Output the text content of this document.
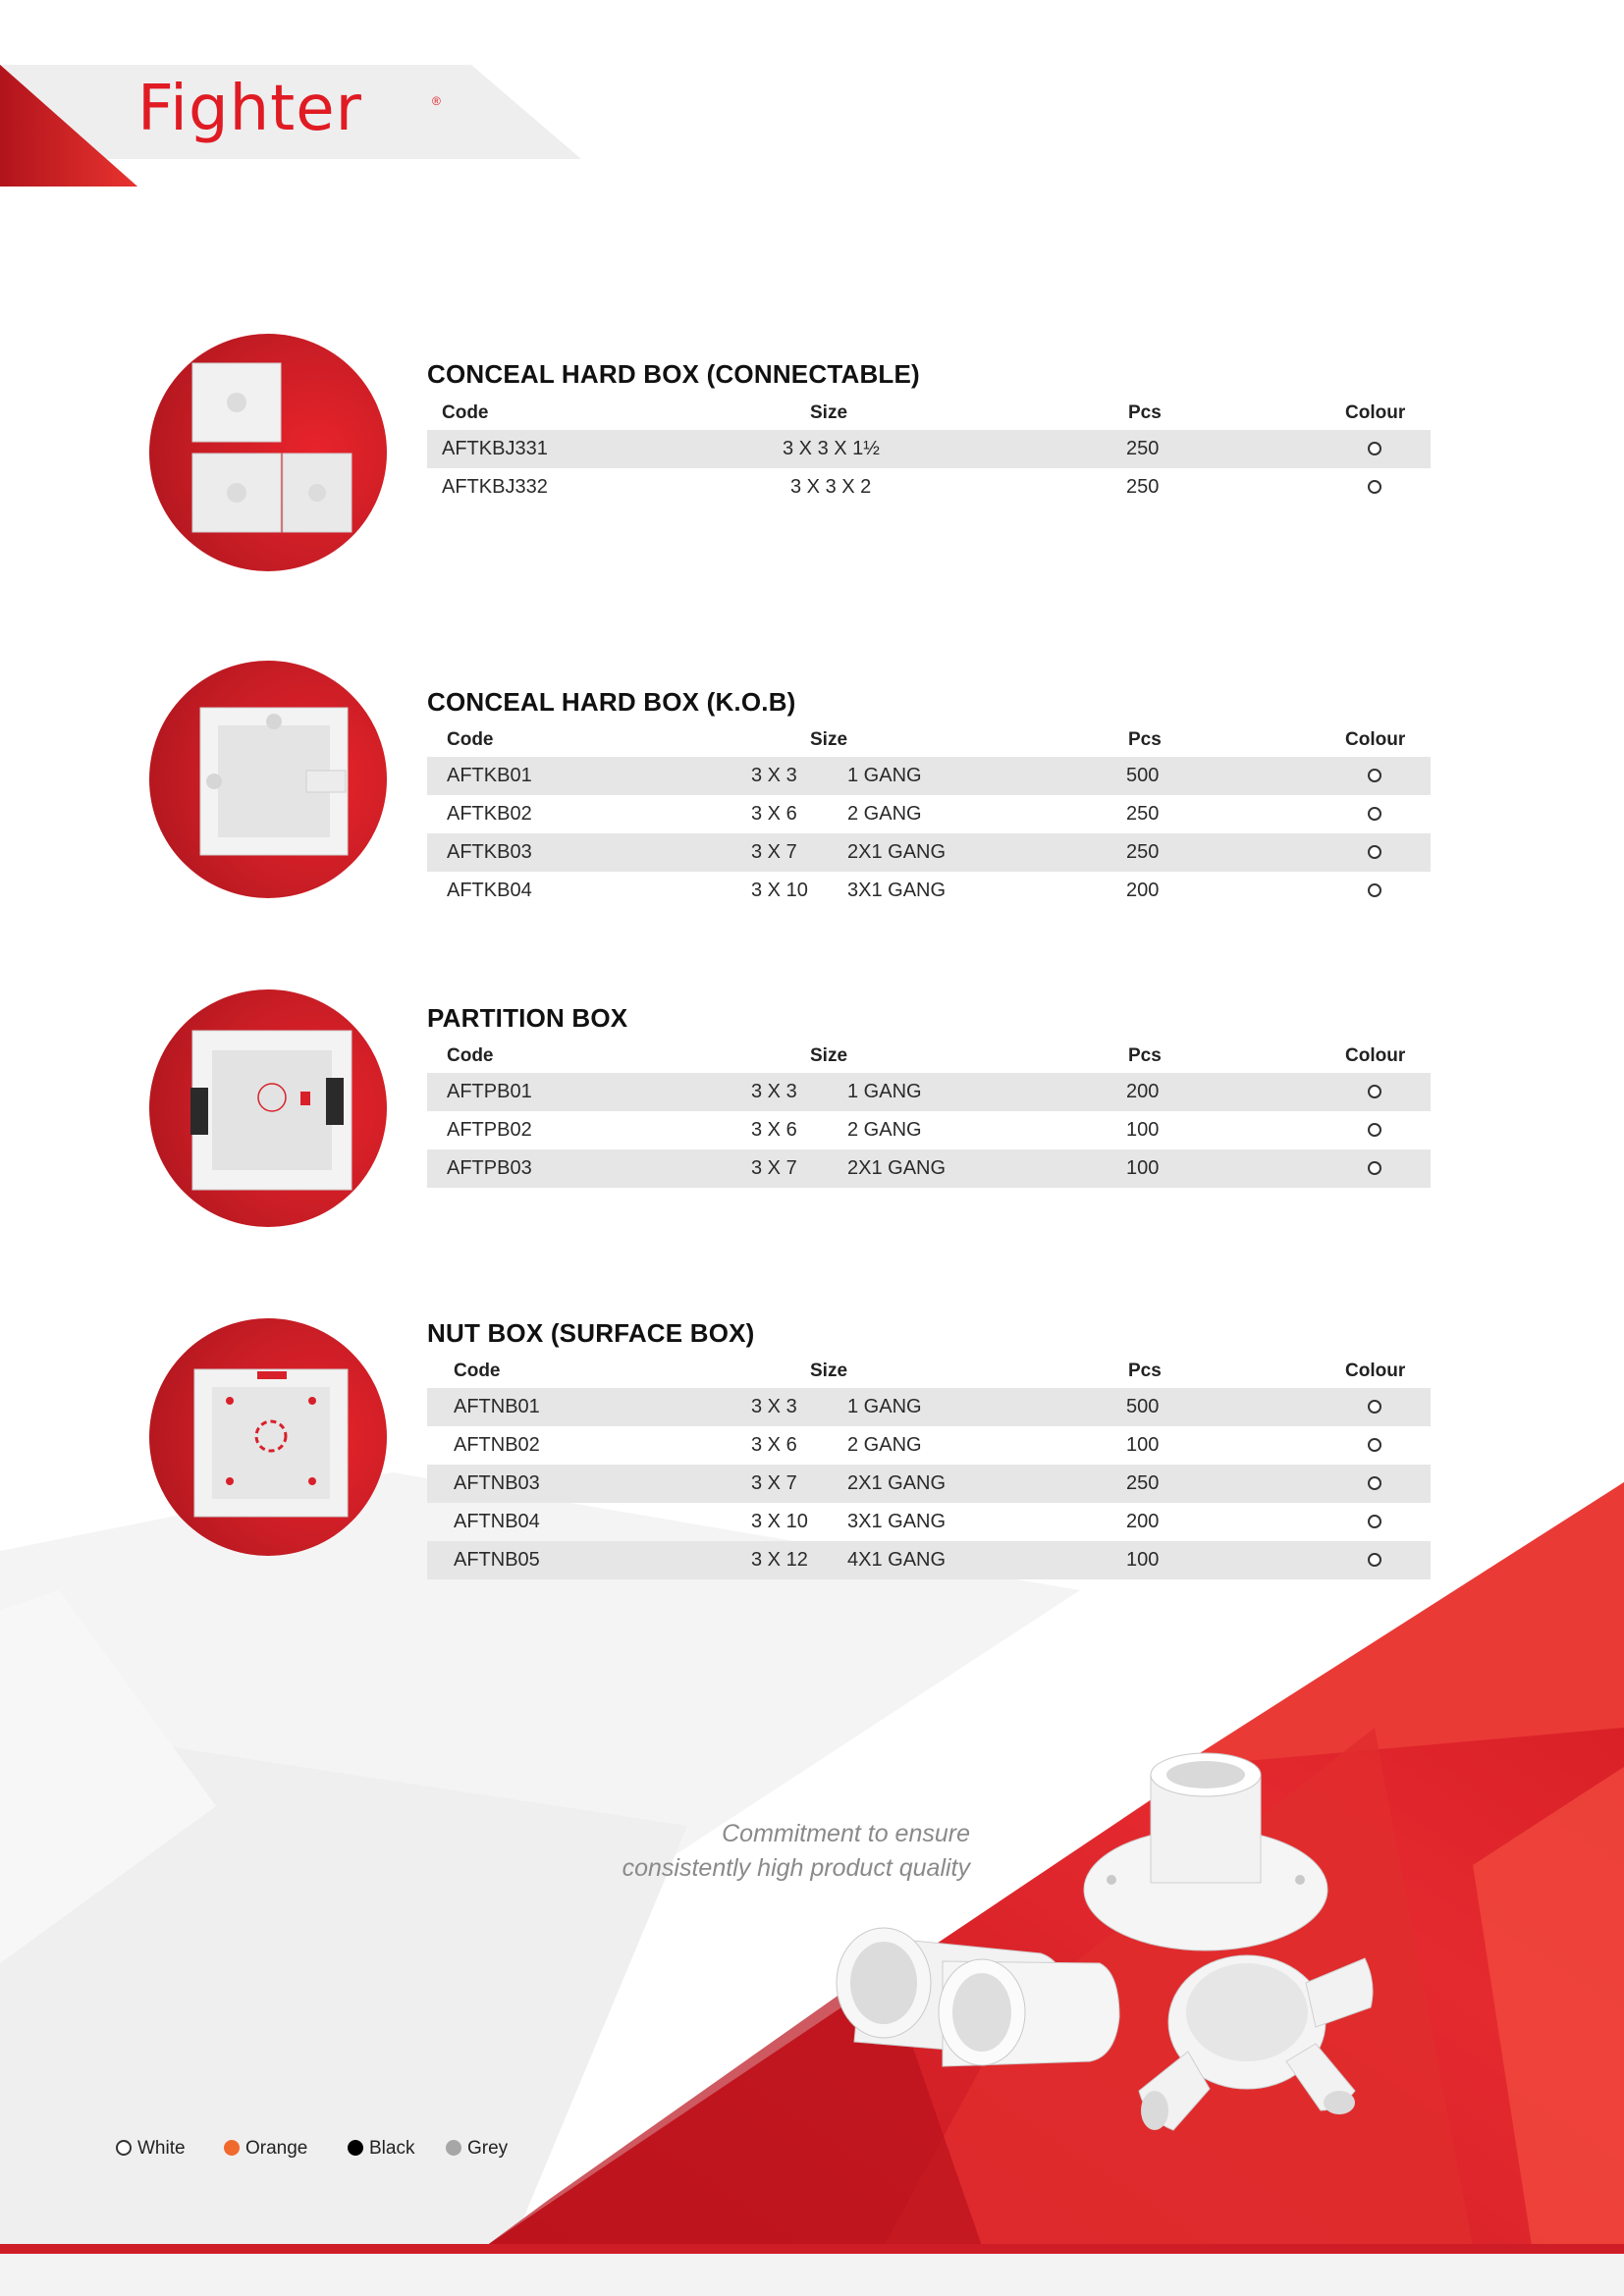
Fighter	®
CONCEAL HARD BOX (CONNECTABLE)
Code	Size	Pcs	Colour
AFTKBJ331	3 X 3 X 1½	250
AFTKBJ332	3 X 3 X 2	250
CONCEAL HARD BOX (K.O.B)
Code	Size	Pcs	Colour
AFTKB01	3 X 3	1 GANG	500
AFTKB02	3 X 6	2 GANG	250
AFTKB03	3 X 7	2X1 GANG	250
AFTKB04	3 X 10 3X1 GANG	200
PARTITION BOX
Code	Size	Pcs	Colour
AFTPB01	3 X 3	1 GANG	200
AFTPB02	3 X 6	2 GANG	100
AFTPB03	3 X 7	2X1 GANG	100
NUT BOX (SURFACE BOX)
Code	Size	Pcs	Colour
AFTNB01	3 X 3	1 GANG	500
AFTNB02	3 X 6	2 GANG	100
AFTNB03	3 X 7	2X1 GANG	250
AFTNB04	3 X 10 3X1 GANG	200
AFTNB05	3 X 12 4X1 GANG	100
Commitment to ensure
consistently high product quality
White	Orange	Black	Grey
